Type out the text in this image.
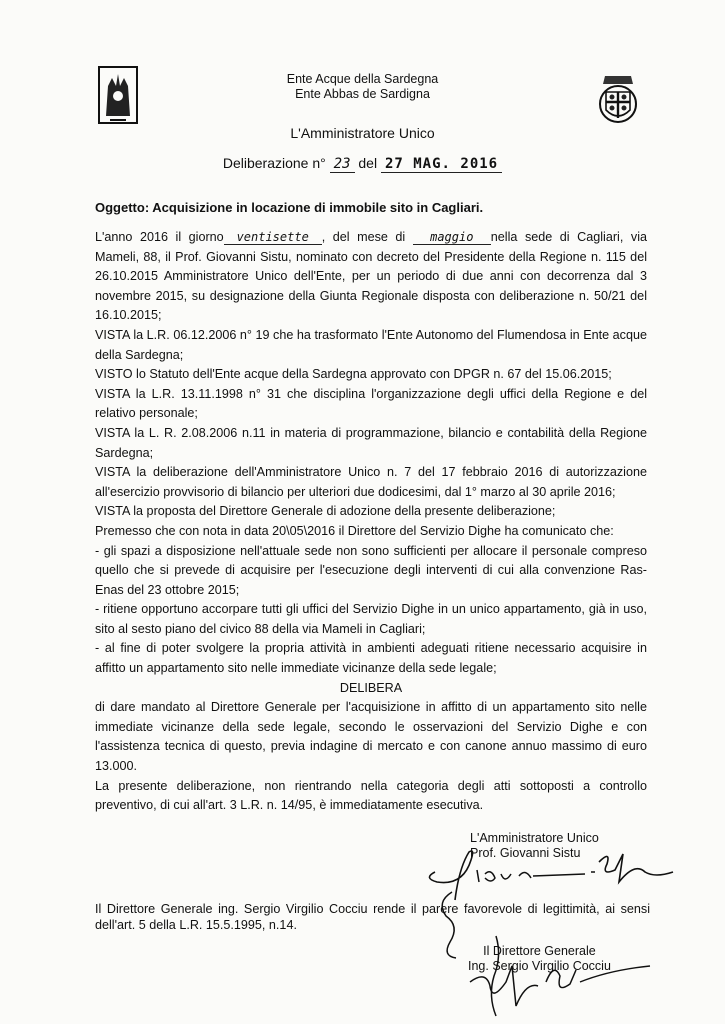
Ente Acque della Sardegna
Ente Abbas de Sardigna
L'Amministratore Unico
Deliberazione n° 23 del 27 MAG. 2016
Oggetto: Acquisizione in locazione di immobile sito in Cagliari.

L'anno 2016 il giorno ventisette , del mese di maggio nella sede di Cagliari, via Mameli, 88, il Prof. Giovanni Sistu, nominato con decreto del Presidente della Regione n. 115 del 26.10.2015 Amministratore Unico dell'Ente, per un periodo di due anni con decorrenza dal 3 novembre 2015, su designazione della Giunta Regionale disposta con deliberazione n. 50/21 del 16.10.2015;

VISTA la L.R. 06.12.2006 n° 19 che ha trasformato l'Ente Autonomo del Flumendosa in Ente acque della Sardegna;

VISTO lo Statuto dell'Ente acque della Sardegna approvato con DPGR n. 67 del 15.06.2015;

VISTA la L.R. 13.11.1998 n° 31 che disciplina l'organizzazione degli uffici della Regione e del relativo personale;

VISTA la L. R. 2.08.2006 n.11 in materia di programmazione, bilancio e contabilità della Regione Sardegna;

VISTA la deliberazione dell'Amministratore Unico n. 7 del 17 febbraio 2016 di autorizzazione all'esercizio provvisorio di bilancio per ulteriori due dodicesimi, dal 1° marzo al 30 aprile 2016;

VISTA la proposta del Direttore Generale di adozione della presente deliberazione;

Premesso che con nota in data 20\05\2016 il Direttore del Servizio Dighe ha comunicato che:

- gli spazi a disposizione nell'attuale sede non sono sufficienti per allocare il personale compreso quello che si prevede di acquisire per l'esecuzione degli interventi di cui alla convenzione Ras-Enas del 23 ottobre 2015;

- ritiene opportuno accorpare tutti gli uffici del Servizio Dighe in un unico appartamento, già in uso, sito al sesto piano del civico 88 della via Mameli in Cagliari;

- al fine di poter svolgere la propria attività in ambienti adeguati ritiene necessario acquisire in affitto un appartamento sito nelle immediate vicinanze della sede legale;

DELIBERA

di dare mandato al Direttore Generale per l'acquisizione in affitto di un appartamento sito nelle immediate vicinanze della sede legale, secondo le osservazioni del Servizio Dighe e con l'assistenza tecnica di questo, previa indagine di mercato e con canone annuo massimo di euro 13.000.

La presente deliberazione, non rientrando nella categoria degli atti sottoposti a controllo preventivo, di cui all'art. 3 L.R. n. 14/95, è immediatamente esecutiva.

L'Amministratore Unico
Prof. Giovanni Sistu
Il Direttore Generale ing. Sergio Virgilio Cocciu rende il parere favorevole di legittimità, ai sensi dell'art. 5 della L.R. 15.5.1995, n.14.
Il Direttore Generale
Ing. Sergio Virgilio Cocciu
